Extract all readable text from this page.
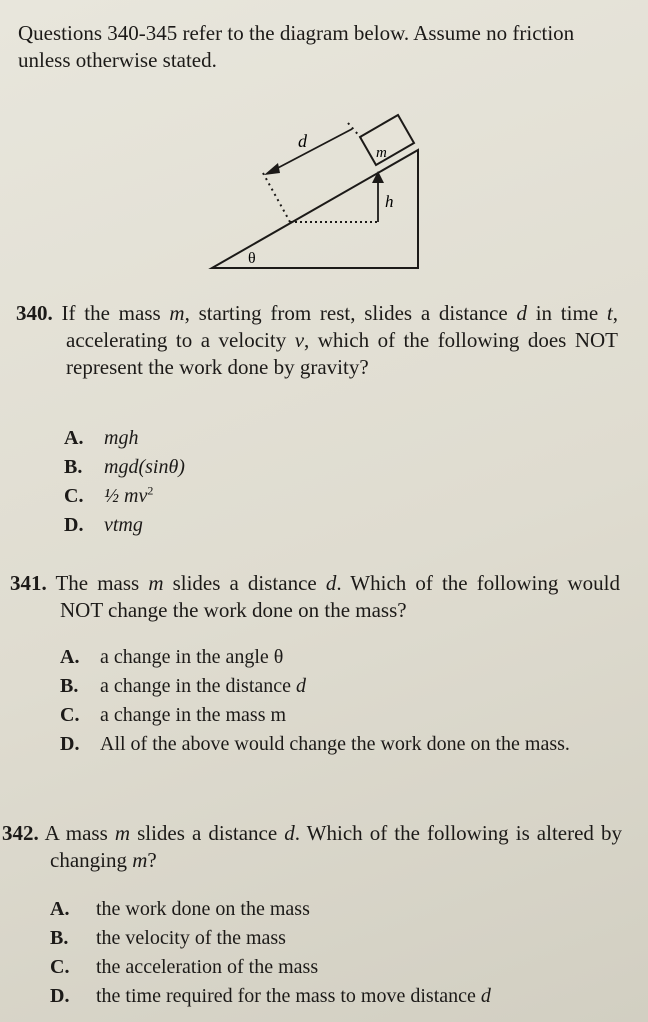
Questions 340-345 refer to the diagram below. Assume no friction unless otherwise stated.
d
m
h
θ
340. If the mass m, starting from rest, slides a distance d in time t, accelerating to a velocity v, which of the following does NOT represent the work done by gravity?
A.	mgh
B.	mgd(sinθ)
C.	½ $mv^2$
D.	vtmg
341. The mass m slides a distance d. Which of the following would NOT change the work done on the mass?
A.	a change in the angle θ
B.	a change in the distance d
C.	a change in the mass m
D.	All of the above would change the work done on the mass.
342. A mass m slides a distance d. Which of the following is altered by changing m?
A.	the work done on the mass
B.	the velocity of the mass
C.	the acceleration of the mass
D.	the time required for the mass to move distance d
